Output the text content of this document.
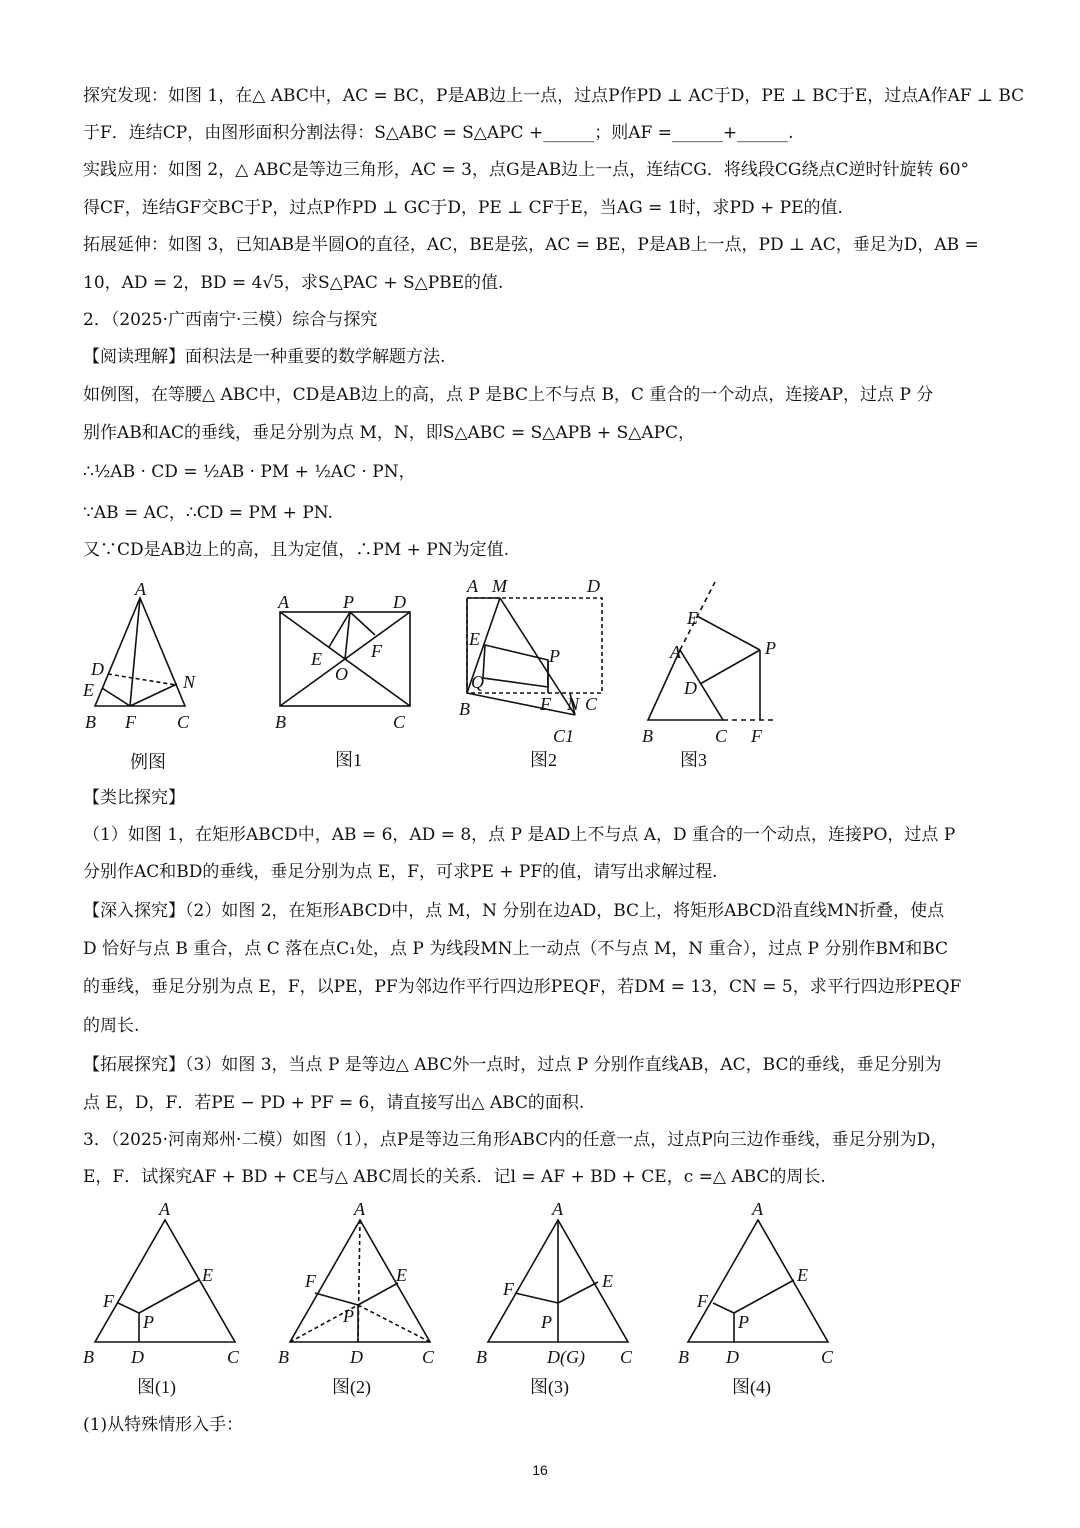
探究发现：如图 1，在△ ABC中，AC = BC，P是AB边上一点，过点P作PD ⊥ AC于D，PE ⊥ BC于E，过点A作AF ⊥ BC
于F．连结CP，由图形面积分割法得：S△ABC = S△APC +______；则AF =______+______.
实践应用：如图 2，△ ABC是等边三角形，AC = 3，点G是AB边上一点，连结CG．将线段CG绕点C逆时针旋转 60°
得CF，连结GF交BC于P，过点P作PD ⊥ GC于D，PE ⊥ CF于E，当AG = 1时，求PD + PE的值.
拓展延伸：如图 3，已知AB是半圆O的直径，AC，BE是弦，AC = BE，P是AB上一点，PD ⊥ AC，垂足为D，AB =
10，AD = 2，BD = 4√5，求S△PAC + S△PBE的值.
2．（2025·广西南宁·三模）综合与探究
【阅读理解】面积法是一种重要的数学解题方法.
如例图，在等腰△ ABC中，CD是AB边上的高，点 P 是BC上不与点 B，C 重合的一个动点，连接AP，过点 P 分
别作AB和AC的垂线，垂足分别为点 M，N，即S△ABC = S△APB + S△APC，
∴½AB · CD = ½AB · PM + ½AC · PN，
∵AB = AC，∴CD = PM + PN.
又∵CD是AB边上的高，且为定值，∴PM + PN为定值.
A
D
E	N
B F C
例图
A	P D
E	F
O
B	C
图1
A M	D
E
P
Q
B	F N C
C1
图2
E
A	P
D
B	C F
图3
【类比探究】
（1）如图 1，在矩形ABCD中，AB = 6，AD = 8，点 P 是AD上不与点 A，D 重合的一个动点，连接PO，过点 P
分别作AC和BD的垂线，垂足分别为点 E，F，可求PE + PF的值，请写出求解过程.
【深入探究】（2）如图 2，在矩形ABCD中，点 M，N 分别在边AD，BC上，将矩形ABCD沿直线MN折叠，使点
D 恰好与点 B 重合，点 C 落在点C₁处，点 P 为线段MN上一动点（不与点 M，N 重合），过点 P 分别作BM和BC
的垂线，垂足分别为点 E，F，以PE，PF为邻边作平行四边形PEQF，若DM = 13，CN = 5，求平行四边形PEQF
的周长.
【拓展探究】（3）如图 3，当点 P 是等边△ ABC外一点时，过点 P 分别作直线AB，AC，BC的垂线，垂足分别为
点 E，D，F．若PE − PD + PF = 6，请直接写出△ ABC的面积.
3．（2025·河南郑州·二模）如图（1），点P是等边三角形ABC内的任意一点，过点P向三边作垂线，垂足分别为D，
E，F．试探究AF + BD + CE与△ ABC周长的关系．记l = AF + BD + CE，c =△ ABC的周长.
A
F
E
P
B D	C
图(1)
A
F	E
P
B	D	C
图(2)
A
F	E
P
B	D(G) C
图(3)
A
F
E
P
B D	C
图(4)
(1)从特殊情形入手：
16
